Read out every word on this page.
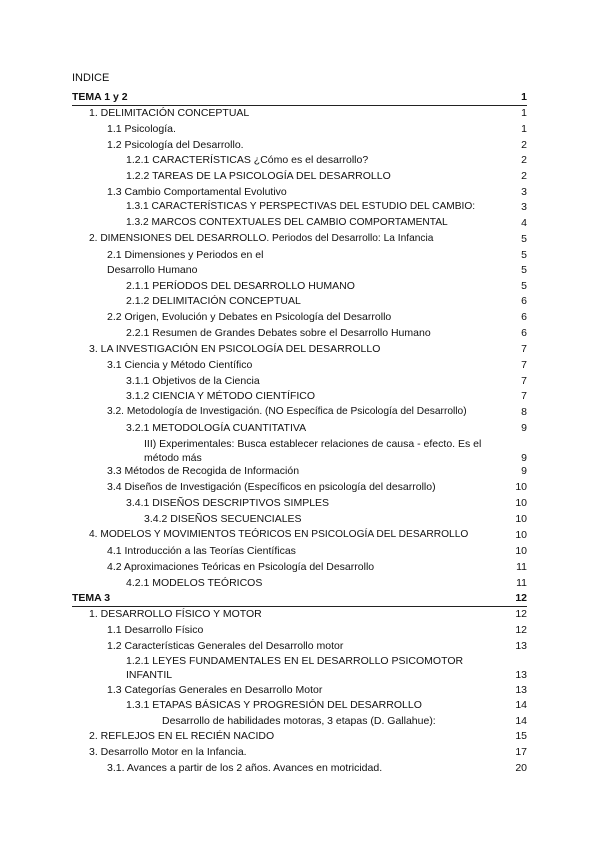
INDICE
TEMA 1 y 2	1
1. DELIMITACIÓN CONCEPTUAL	1
1.1 Psicología.	1
1.2 Psicología del Desarrollo.	2
1.2.1 CARACTERÍSTICAS ¿Cómo es el desarrollo?	2
1.2.2 TAREAS DE LA PSICOLOGÍA DEL DESARROLLO	2
1.3 Cambio Comportamental Evolutivo	3
1.3.1 CARACTERÍSTICAS Y PERSPECTIVAS DEL ESTUDIO DEL CAMBIO:	3
1.3.2 MARCOS CONTEXTUALES DEL CAMBIO COMPORTAMENTAL	4
2. DIMENSIONES DEL DESARROLLO. Periodos del Desarrollo: La Infancia	5
2.1 Dimensiones y Periodos en el	5
Desarrollo Humano	5
2.1.1 PERÍODOS DEL DESARROLLO HUMANO	5
2.1.2 DELIMITACIÓN CONCEPTUAL	6
2.2 Origen, Evolución y Debates en Psicología del Desarrollo	6
2.2.1 Resumen de Grandes Debates sobre el Desarrollo Humano	6
3. LA INVESTIGACIÓN EN PSICOLOGÍA DEL DESARROLLO	7
3.1 Ciencia y Método Científico	7
3.1.1 Objetivos de la Ciencia	7
3.1.2 CIENCIA Y MÉTODO CIENTÍFICO	7
3.2. Metodología de Investigación. (NO Específica de Psicología del Desarrollo)	8
3.2.1 METODOLOGÍA CUANTITATIVA	9
III) Experimentales: Busca establecer relaciones de causa - efecto. Es el
método más	9
3.3 Métodos de Recogida de Información	9
3.4 Diseños de Investigación (Específicos en psicología del desarrollo)	10
3.4.1 DISEÑOS DESCRIPTIVOS SIMPLES	10
3.4.2 DISEÑOS SECUENCIALES	10
4. MODELOS Y MOVIMIENTOS TEÓRICOS EN PSICOLOGÍA DEL DESARROLLO	10
4.1 Introducción a las Teorías Científicas	10
4.2 Aproximaciones Teóricas en Psicología del Desarrollo	11
4.2.1 MODELOS TEÓRICOS	11
TEMA 3	12
1. DESARROLLO FÍSICO Y MOTOR	12
1.1 Desarrollo Físico	12
1.2 Características Generales del Desarrollo motor	13
1.2.1 LEYES FUNDAMENTALES EN EL DESARROLLO PSICOMOTOR
INFANTIL	13
1.3 Categorías Generales en Desarrollo Motor	13
1.3.1 ETAPAS BÁSICAS Y PROGRESIÓN DEL DESARROLLO	14
Desarrollo de habilidades motoras, 3 etapas (D. Gallahue):	14
2. REFLEJOS EN EL RECIÉN NACIDO	15
3. Desarrollo Motor en la Infancia.	17
3.1. Avances a partir de los 2 años. Avances en motricidad.	20
